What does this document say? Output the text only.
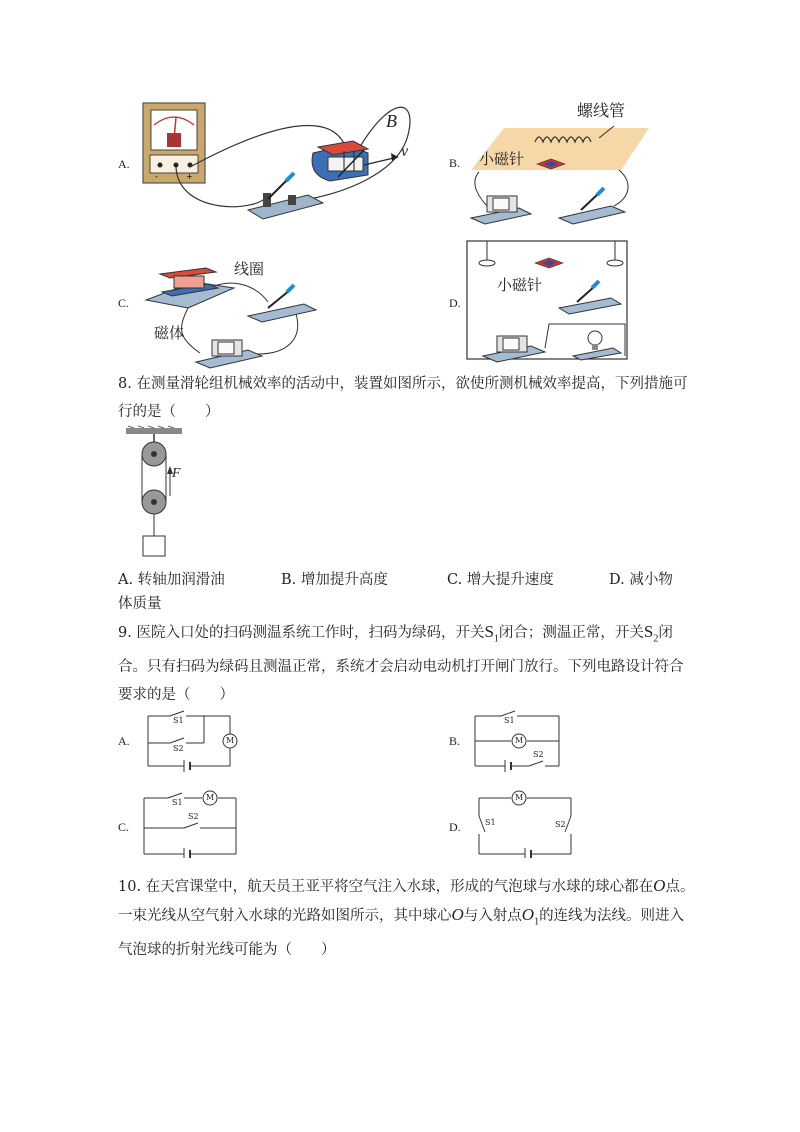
A.
-	+
B
v
B.
螺线管
小磁针
C.
线圈
磁体
D.
小磁针
8. 在测量滑轮组机械效率的活动中，装置如图所示，欲使所测机械效率提高，下列措施可
行的是（　　）
F
A. 转轴加润滑油	B. 增加提升高度	C. 增大提升速度	D. 减小物
体质量
9. 医院入口处的扫码测温系统工作时，扫码为绿码，开关$S_1$闭合；测温正常，开关$S_2$闭
合。只有扫码为绿码且测温正常，系统才会启动电动机打开闸门放行。下列电路设计符合
要求的是（　　）
A.
S1
S2
M	B.
S1
S2
M
C.
S1
S2
M
D.	S1	S2
M
10. 在天宫课堂中，航天员王亚平将空气注入水球，形成的气泡球与水球的球心都在O点。
一束光线从空气射入水球的光路如图所示，其中球心O与入射点$O_1$的连线为法线。则进入
气泡球的折射光线可能为（　　）
